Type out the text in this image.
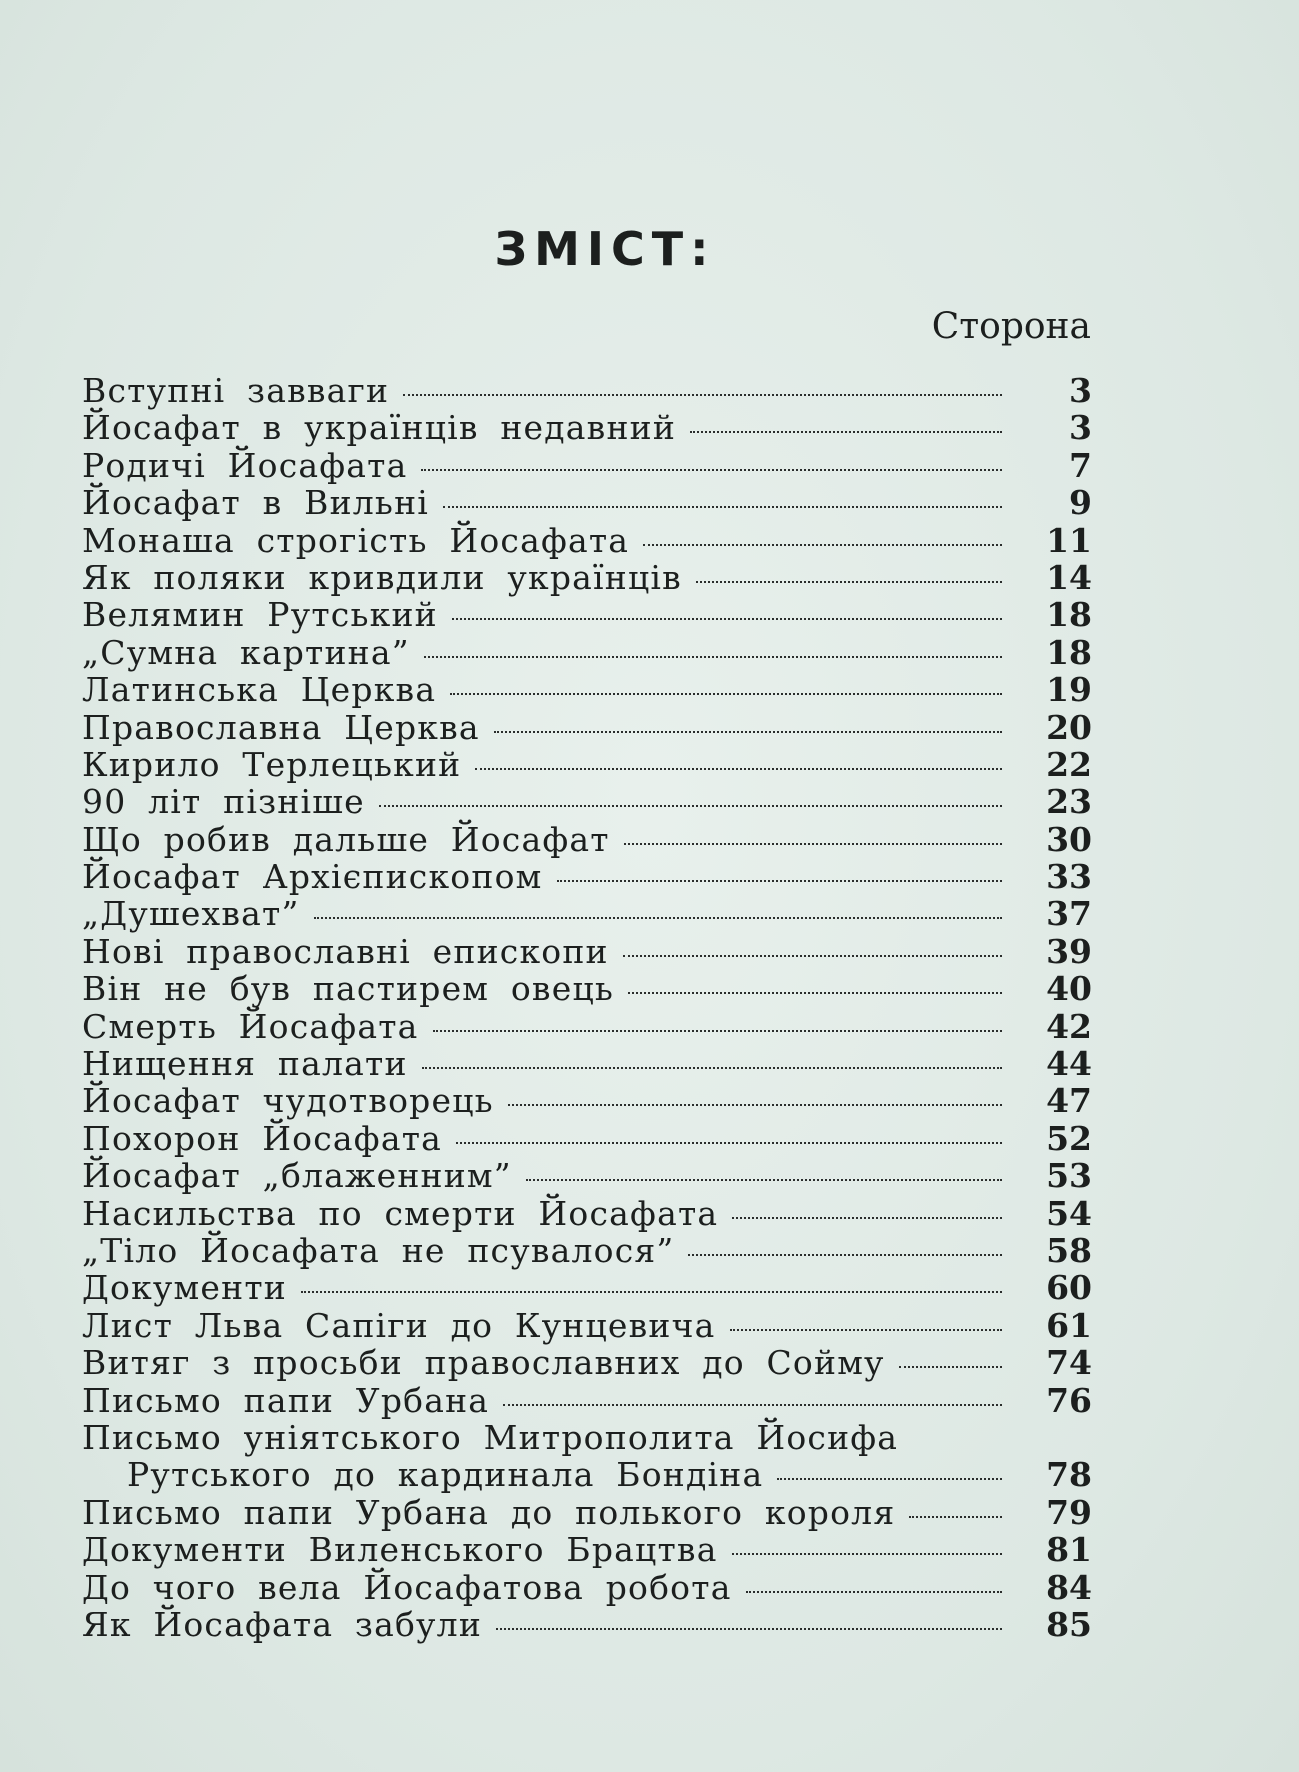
ЗМІСТ:
Сторона
Вступні завваги	3
Йосафат в українців недавний	3
Родичі Йосафата	7
Йосафат в Вильні	9
Монаша строгість Йосафата	11
Як поляки кривдили українців	14
Велямин Рутський	18
„Сумна картина”	18
Латинська Церква	19
Православна Церква	20
Кирило Терлецький	22
90 літ пізніше	23
Що робив дальше Йосафат	30
Йосафат Архієпископом	33
„Душехват”	37
Нові православні епископи	39
Він не був пастирем овець	40
Смерть Йосафата	42
Нищення палати	44
Йосафат чудотворець	47
Похорон Йосафата	52
Йосафат „блаженним”	53
Насильства по смерти Йосафата	54
„Тіло Йосафата не псувалося”	58
Документи	60
Лист Льва Сапіги до Кунцевича	61
Витяг з просьби православних до Сойму	74
Письмо папи Урбана	76
Письмо уніятського Митрополита Йосифа
Рутського до кардинала Бондіна	78
Письмо папи Урбана до полького короля	79
Документи Виленського Брацтва	81
До чого вела Йосафатова робота	84
Як Йосафата забули	85
